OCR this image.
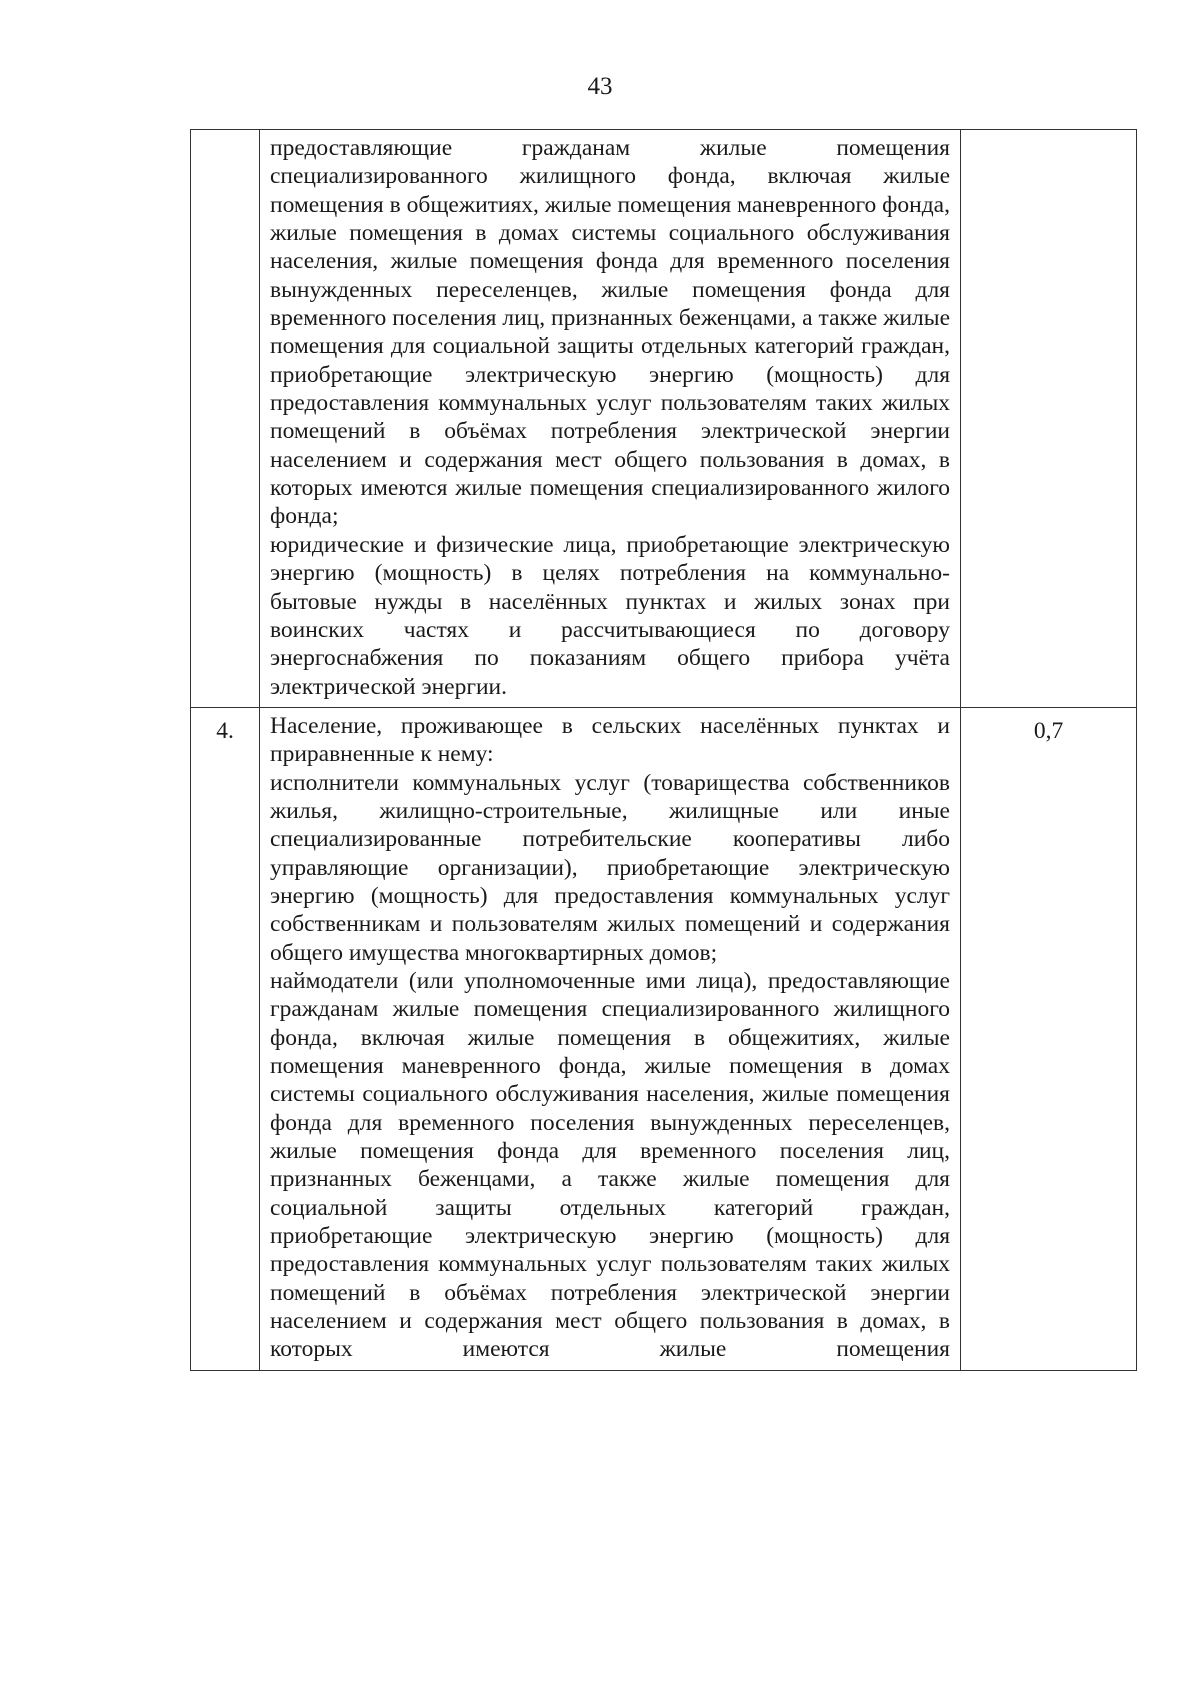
43

	предоставляющие гражданам жилые помещения специализированного жилищного фонда, включая жилые помещения в общежитиях, жилые помещения маневренного фонда, жилые помещения в домах системы социального обслуживания населения, жилые помещения фонда для временного поселения вынужденных переселенцев, жилые помещения фонда для временного поселения лиц, признанных беженцами, а также жилые помещения для социальной защиты отдельных категорий граждан, приобретающие электрическую энергию (мощность) для предоставления коммунальных услуг пользователям таких жилых помещений в объёмах потребления электрической энергии населением и содержания мест общего пользования в домах, в которых имеются жилые помещения специализированного жилого фонда;

юридические и физические лица, приобретающие электрическую энергию (мощность) в целях потребления на коммунально-бытовые нужды в населённых пунктах и жилых зонах при воинских частях и рассчитывающиеся по договору энергоснабжения по показаниям общего прибора учёта электрической энергии.	

4.	Население, проживающее в сельских населённых пунктах и приравненные к нему:

исполнители коммунальных услуг (товарищества собственников жилья, жилищно-строительные, жилищные или иные специализированные потребительские кооперативы либо управляющие организации), приобретающие электрическую энергию (мощность) для предоставления коммунальных услуг собственникам и пользователям жилых помещений и содержания общего имущества многоквартирных домов;

наймодатели (или уполномоченные ими лица), предоставляющие гражданам жилые помещения специализированного жилищного фонда, включая жилые помещения в общежитиях, жилые помещения маневренного фонда, жилые помещения в домах системы социального обслуживания населения, жилые помещения фонда для временного поселения вынужденных переселенцев, жилые помещения фонда для временного поселения лиц, признанных беженцами, а также жилые помещения для социальной защиты отдельных категорий граждан, приобретающие электрическую энергию (мощность) для предоставления коммунальных услуг пользователям таких жилых помещений в объёмах потребления электрической энергии населением и содержания мест общего пользования в домах, в которых имеются жилые помещения	0,7
